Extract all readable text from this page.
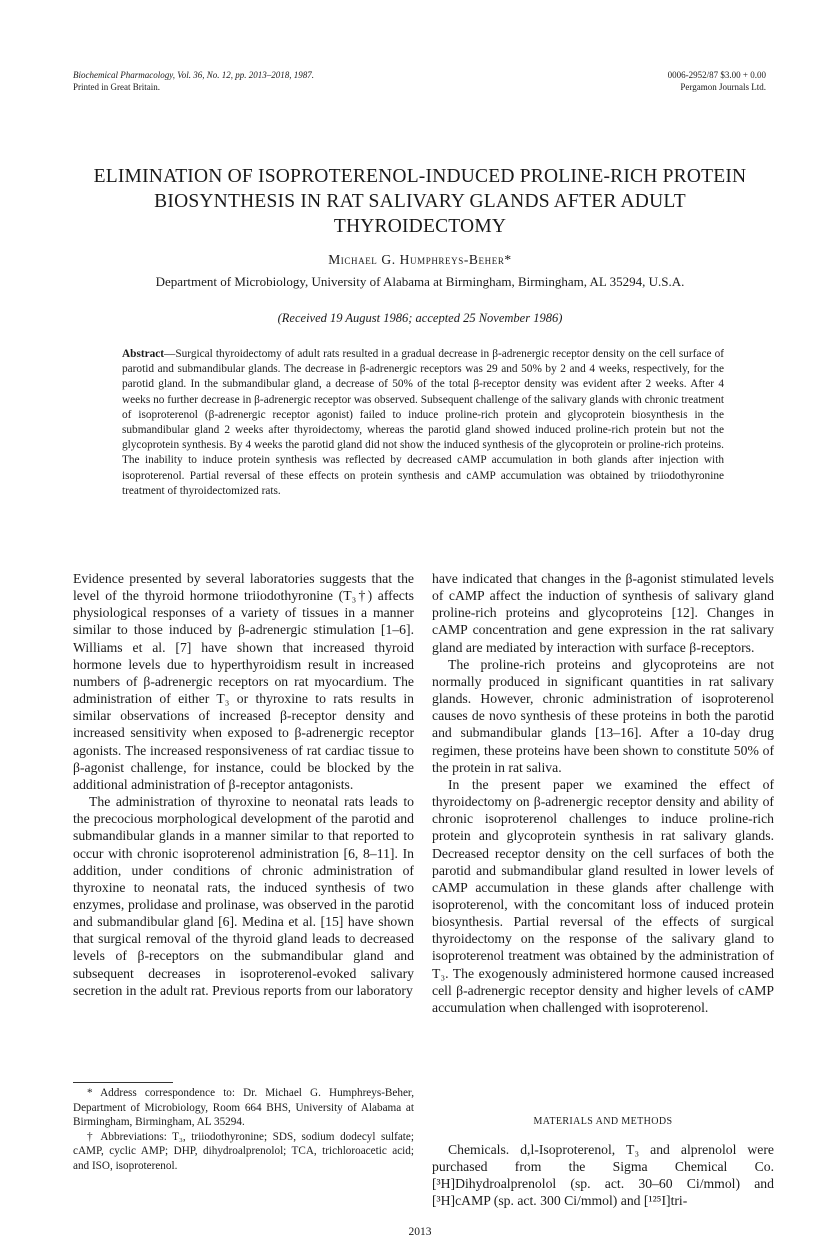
Biochemical Pharmacology, Vol. 36, No. 12, pp. 2013–2018, 1987.
Printed in Great Britain.
0006-2952/87 $3.00 + 0.00
Pergamon Journals Ltd.
ELIMINATION OF ISOPROTERENOL-INDUCED PROLINE-RICH PROTEIN BIOSYNTHESIS IN RAT SALIVARY GLANDS AFTER ADULT THYROIDECTOMY
Michael G. Humphreys-Beher*
Department of Microbiology, University of Alabama at Birmingham, Birmingham, AL 35294, U.S.A.
(Received 19 August 1986; accepted 25 November 1986)
Abstract—Surgical thyroidectomy of adult rats resulted in a gradual decrease in β-adrenergic receptor density on the cell surface of parotid and submandibular glands. The decrease in β-adrenergic receptors was 29 and 50% by 2 and 4 weeks, respectively, for the parotid gland. In the submandibular gland, a decrease of 50% of the total β-receptor density was evident after 2 weeks. After 4 weeks no further decrease in β-adrenergic receptor was observed. Subsequent challenge of the salivary glands with chronic treatment of isoproterenol (β-adrenergic receptor agonist) failed to induce proline-rich protein and glycoprotein biosynthesis in the submandibular gland 2 weeks after thyroidectomy, whereas the parotid gland showed induced proline-rich protein but not the glycoprotein synthesis. By 4 weeks the parotid gland did not show the induced synthesis of the glycoprotein or proline-rich proteins. The inability to induce protein synthesis was reflected by decreased cAMP accumulation in both glands after injection with isoproterenol. Partial reversal of these effects on protein synthesis and cAMP accumulation was obtained by triiodothyronine treatment of thyroidectomized rats.

Evidence presented by several laboratories suggests that the level of the thyroid hormone triiodothyronine (T₃†) affects physiological responses of a variety of tissues in a manner similar to those induced by β-adrenergic stimulation [1–6]. Williams et al. [7] have shown that increased thyroid hormone levels due to hyperthyroidism result in increased numbers of β-adrenergic receptors on rat myocardium. The administration of either T₃ or thyroxine to rats results in similar observations of increased β-receptor density and increased sensitivity when exposed to β-adrenergic receptor agonists. The increased responsiveness of rat cardiac tissue to β-agonist challenge, for instance, could be blocked by the additional administration of β-receptor antagonists.

The administration of thyroxine to neonatal rats leads to the precocious morphological development of the parotid and submandibular glands in a manner similar to that reported to occur with chronic isoproterenol administration [6, 8–11]. In addition, under conditions of chronic administration of thyroxine to neonatal rats, the induced synthesis of two enzymes, prolidase and prolinase, was observed in the parotid and submandibular gland [6]. Medina et al. [15] have shown that surgical removal of the thyroid gland leads to decreased levels of β-receptors on the submandibular gland and subsequent decreases in isoproterenol-evoked salivary secretion in the adult rat. Previous reports from our laboratory

have indicated that changes in the β-agonist stimulated levels of cAMP affect the induction of synthesis of salivary gland proline-rich proteins and glycoproteins [12]. Changes in cAMP concentration and gene expression in the rat salivary gland are mediated by interaction with surface β-receptors.

The proline-rich proteins and glycoproteins are not normally produced in significant quantities in rat salivary glands. However, chronic administration of isoproterenol causes de novo synthesis of these proteins in both the parotid and submandibular glands [13–16]. After a 10-day drug regimen, these proteins have been shown to constitute 50% of the protein in rat saliva.

In the present paper we examined the effect of thyroidectomy on β-adrenergic receptor density and ability of chronic isoproterenol challenges to induce proline-rich protein and glycoprotein synthesis in rat salivary glands. Decreased receptor density on the cell surfaces of both the parotid and submandibular gland resulted in lower levels of cAMP accumulation in these glands after challenge with isoproterenol, with the concomitant loss of induced protein biosynthesis. Partial reversal of the effects of surgical thyroidectomy on the response of the salivary gland to isoproterenol treatment was obtained by the administration of T₃. The exogenously administered hormone caused increased cell β-adrenergic receptor density and higher levels of cAMP accumulation when challenged with isoproterenol.

* Address correspondence to: Dr. Michael G. Humphreys-Beher, Department of Microbiology, Room 664 BHS, University of Alabama at Birmingham, Birmingham, AL 35294.

† Abbreviations: T₃, triiodothyronine; SDS, sodium dodecyl sulfate; cAMP, cyclic AMP; DHP, dihydroalprenolol; TCA, trichloroacetic acid; and ISO, isoproterenol.

MATERIALS AND METHODS

Chemicals. d,l-Isoproterenol, T₃ and alprenolol were purchased from the Sigma Chemical Co. [³H]Dihydroalprenolol (sp. act. 30–60 Ci/mmol) and [³H]cAMP (sp. act. 300 Ci/mmol) and [¹²⁵I]tri-

2013
